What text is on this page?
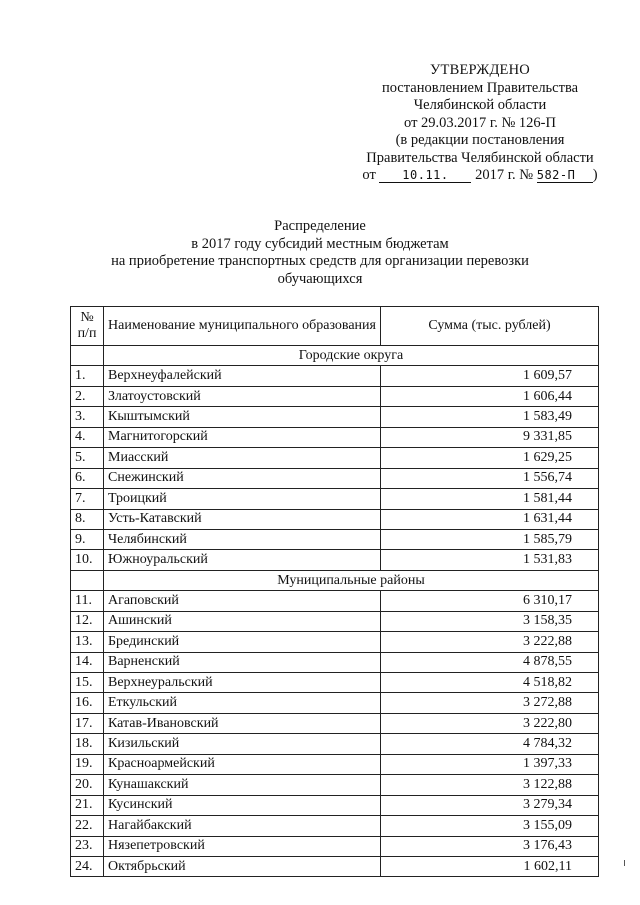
УТВЕРЖДЕНО
постановлением Правительства
Челябинской области
от 29.03.2017 г. № 126-П
(в редакции постановления
Правительства Челябинской области
от 10.11. 2017 г. № 582-П )
Распределение
в 2017 году субсидий местным бюджетам
на приобретение транспортных средств для организации перевозки
обучающихся
№
п/п	Наименование муниципального образования	Сумма (тыс. рублей)
	Городские округа	
1.	Верхнеуфалейский	1 609,57
2.	Златоустовский	1 606,44
3.	Кыштымский	1 583,49
4.	Магнитогорский	9 331,85
5.	Миасский	1 629,25
6.	Снежинский	1 556,74
7.	Троицкий	1 581,44
8.	Усть-Катавский	1 631,44
9.	Челябинский	1 585,79
10.	Южноуральский	1 531,83
	Муниципальные районы	
11.	Агаповский	6 310,17
12.	Ашинский	3 158,35
13.	Брединский	3 222,88
14.	Варненский	4 878,55
15.	Верхнеуральский	4 518,82
16.	Еткульский	3 272,88
17.	Катав-Ивановский	3 222,80
18.	Кизильский	4 784,32
19.	Красноармейский	1 397,33
20.	Кунашакский	3 122,88
21.	Кусинский	3 279,34
22.	Нагайбакский	3 155,09
23.	Нязепетровский	3 176,43
24.	Октябрьский	1 602,11
